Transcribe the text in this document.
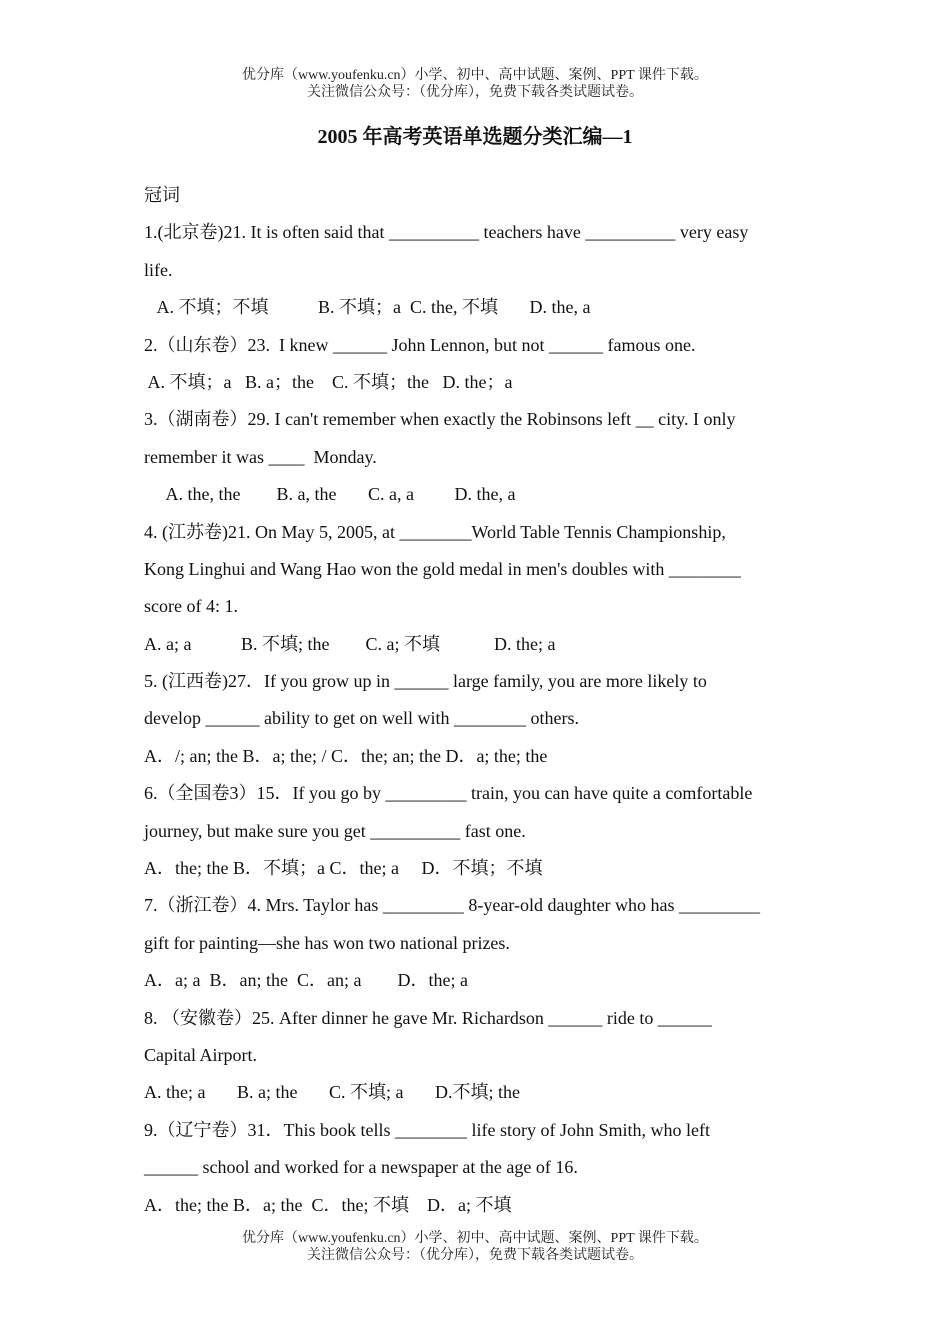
优分库（www.youfenku.cn）小学、初中、高中试题、案例、PPT 课件下载。
关注微信公众号：（优分库），免费下载各类试题试卷。
2005 年高考英语单选题分类汇编—1
冠词
1.(北京卷)21. It is often said that __________ teachers have __________ very easy
life.
A. 不填；不填           B. 不填；a  C. the, 不填       D. the, a
2.（山东卷）23.  I knew ______ John Lennon, but not ______ famous one.
A. 不填；a   B. a；the    C. 不填；the   D. the；a
3.（湖南卷）29. I can't remember when exactly the Robinsons left __ city. I only
remember it was ____  Monday.
A. the, the        B. a, the       C. a, a         D. the, a
4. (江苏卷)21. On May 5, 2005, at ________World Table Tennis Championship,
Kong Linghui and Wang Hao won the gold medal in men's doubles with ________
score of 4: 1.
A. a; a           B. 不填; the        C. a; 不填            D. the; a
5. (江西卷)27．If you grow up in ______ large family, you are more likely to
develop ______ ability to get on well with ________ others.
A．/; an; the B．a; the; / C．the; an; the D．a; the; the
6.（全国卷3）15．If you go by _________ train, you can have quite a comfortable
journey, but make sure you get __________ fast one.
A．the; the B．不填；a C．the; a     D．不填；不填
7.（浙江卷）4. Mrs. Taylor has _________ 8-year-old daughter who has _________
gift for painting—she has won two national prizes.
A．a; a  B．an; the  C．an; a        D．the; a
8. （安徽卷）25. After dinner he gave Mr. Richardson ______ ride to ______
Capital Airport.
A. the; a       B. a; the       C. 不填; a       D.不填; the
9.（辽宁卷）31．This book tells ________ life story of John Smith, who left
______ school and worked for a newspaper at the age of 16.
A．the; the B．a; the  C．the; 不填    D．a; 不填
优分库（www.youfenku.cn）小学、初中、高中试题、案例、PPT 课件下载。
关注微信公众号：（优分库），免费下载各类试题试卷。
